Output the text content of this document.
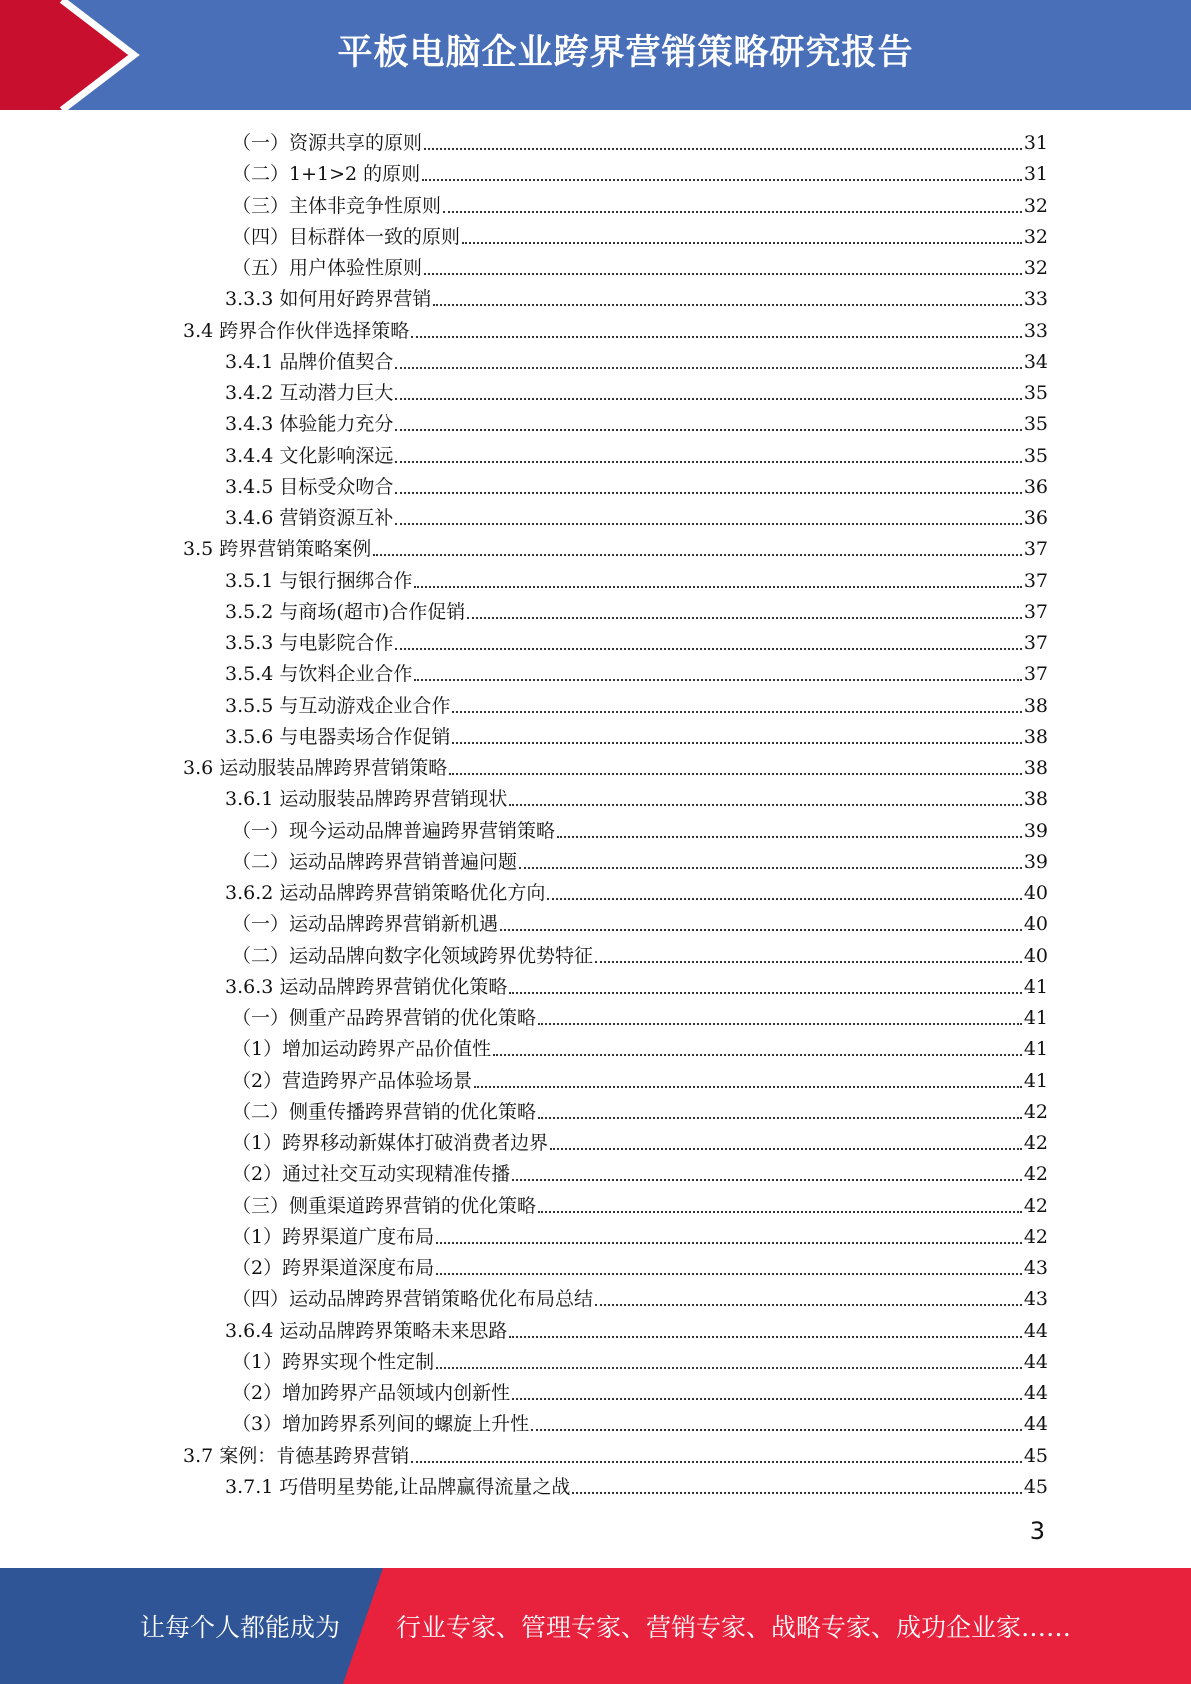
平板电脑企业跨界营销策略研究报告
（一）资源共享的原则	31
（二）1+1>2 的原则	31
（三）主体非竞争性原则	32
（四）目标群体一致的原则	32
（五）用户体验性原则	32
3.3.3 如何用好跨界营销	33
3.4 跨界合作伙伴选择策略	33
3.4.1 品牌价值契合	34
3.4.2 互动潜力巨大	35
3.4.3 体验能力充分	35
3.4.4 文化影响深远	35
3.4.5 目标受众吻合	36
3.4.6 营销资源互补	36
3.5 跨界营销策略案例	37
3.5.1 与银行捆绑合作	37
3.5.2 与商场(超市)合作促销	37
3.5.3 与电影院合作	37
3.5.4 与饮料企业合作	37
3.5.5 与互动游戏企业合作	38
3.5.6 与电器卖场合作促销	38
3.6 运动服装品牌跨界营销策略	38
3.6.1 运动服装品牌跨界营销现状	38
（一）现今运动品牌普遍跨界营销策略	39
（二）运动品牌跨界营销普遍问题	39
3.6.2 运动品牌跨界营销策略优化方向	40
（一）运动品牌跨界营销新机遇	40
（二）运动品牌向数字化领域跨界优势特征	40
3.6.3 运动品牌跨界营销优化策略	41
（一）侧重产品跨界营销的优化策略	41
（1）增加运动跨界产品价值性	41
（2）营造跨界产品体验场景	41
（二）侧重传播跨界营销的优化策略	42
（1）跨界移动新媒体打破消费者边界	42
（2）通过社交互动实现精准传播	42
（三）侧重渠道跨界营销的优化策略	42
（1）跨界渠道广度布局	42
（2）跨界渠道深度布局	43
（四）运动品牌跨界营销策略优化布局总结	43
3.6.4 运动品牌跨界策略未来思路	44
（1）跨界实现个性定制	44
（2）增加跨界产品领域内创新性	44
（3）增加跨界系列间的螺旋上升性	44
3.7 案例：肯德基跨界营销	45
3.7.1 巧借明星势能,让品牌赢得流量之战	45
3
让每个人都能成为 行业专家、管理专家、营销专家、战略专家、成功企业家……
